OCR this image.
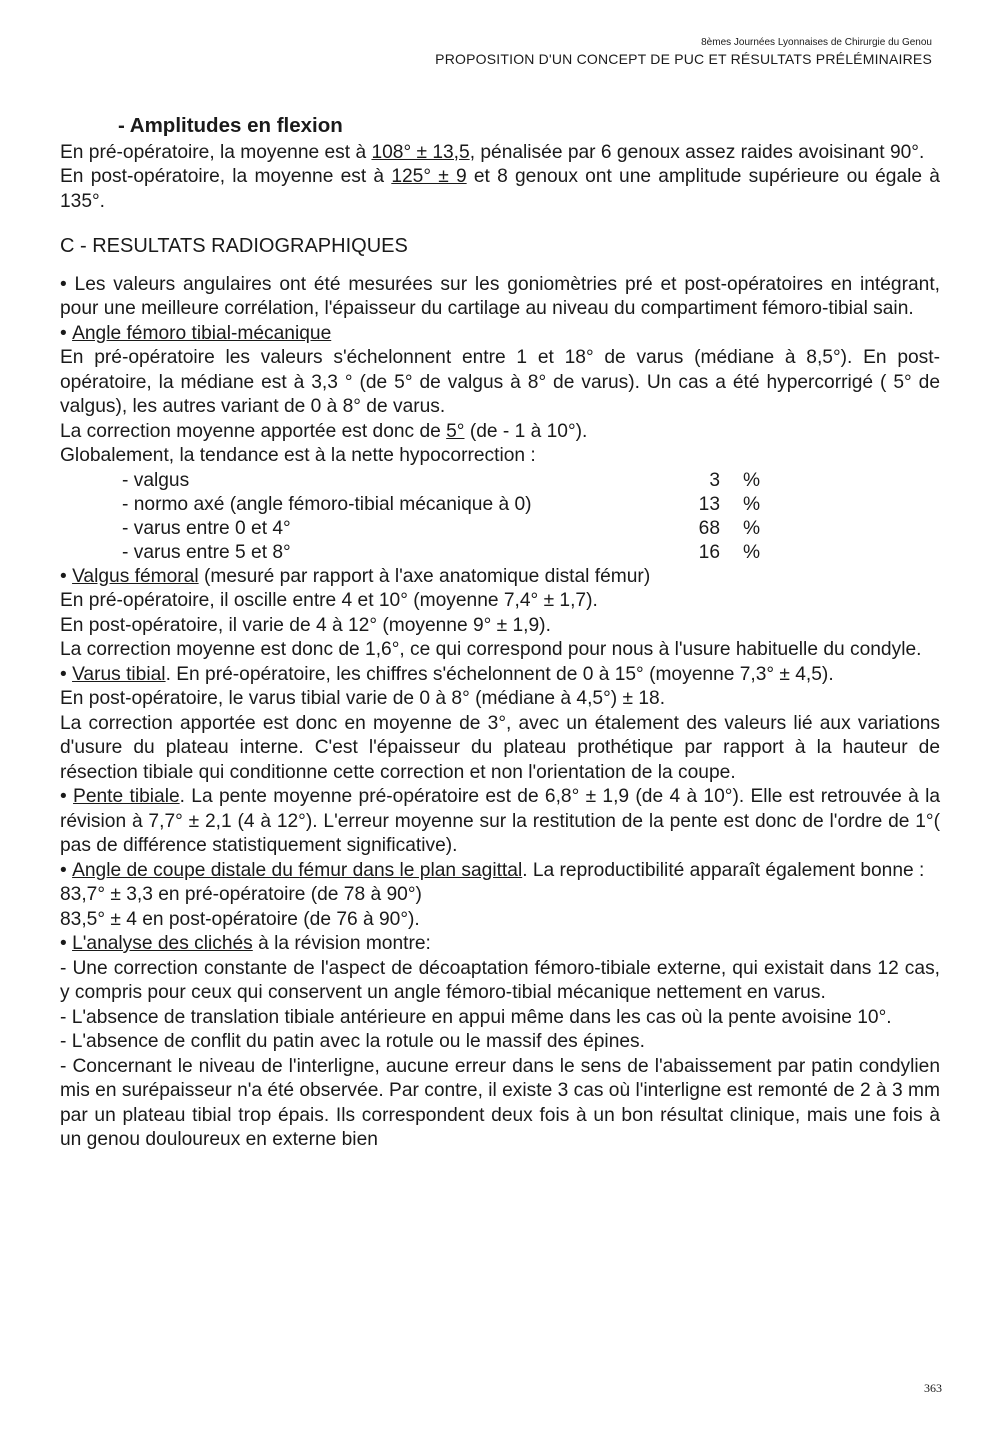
8èmes Journées Lyonnaises de Chirurgie du Genou
PROPOSITION D'UN CONCEPT DE PUC ET RÉSULTATS PRÉLÉMINAIRES
- Amplitudes en flexion

En pré-opératoire, la moyenne est à 108° ± 13,5, pénalisée par 6 genoux assez raides avoisinant 90°.

En post-opératoire, la moyenne est à 125° ± 9 et 8 genoux ont une amplitude supérieure ou égale à 135°.

C - RESULTATS RADIOGRAPHIQUES

• Les valeurs angulaires ont été mesurées sur les goniomètries pré et post-opératoires en intégrant, pour une meilleure corrélation, l'épaisseur du cartilage au niveau du compartiment fémoro-tibial sain.

• Angle fémoro tibial-mécanique

En pré-opératoire les valeurs s'échelonnent entre 1 et 18° de varus (médiane à 8,5°). En post-opératoire, la médiane est à 3,3 ° (de 5° de valgus à 8° de varus). Un cas a été hypercorrigé ( 5° de valgus), les autres variant de 0 à 8° de varus.

La correction moyenne apportée est donc de 5° (de - 1 à 10°).

Globalement, la tendance est à la nette hypocorrection :

- valgus	3	%
- normo axé (angle fémoro-tibial mécanique à 0)	13	%
- varus entre 0 et 4°	68	%
- varus entre 5 et 8°	16	%

• Valgus fémoral (mesuré par rapport à l'axe anatomique distal fémur)

En pré-opératoire, il oscille entre 4 et 10° (moyenne 7,4° ± 1,7).

En post-opératoire, il varie de 4 à 12° (moyenne 9° ± 1,9).

La correction moyenne est donc de 1,6°, ce qui correspond pour nous à l'usure habituelle du condyle.

• Varus tibial. En pré-opératoire, les chiffres s'échelonnent de 0 à 15° (moyenne 7,3° ± 4,5).

En post-opératoire, le varus tibial varie de 0 à 8° (médiane à 4,5°) ± 18.

La correction apportée est donc en moyenne de 3°, avec un étalement des valeurs lié aux variations d'usure du plateau interne. C'est l'épaisseur du plateau prothétique par rapport à la hauteur de résection tibiale qui conditionne cette correction et non l'orientation de la coupe.

• Pente tibiale. La pente moyenne pré-opératoire est de 6,8° ± 1,9 (de 4 à 10°). Elle est retrouvée à la révision à 7,7° ± 2,1 (4 à 12°). L'erreur moyenne sur la restitution de la pente est donc de l'ordre de 1°( pas de différence statistiquement significative).

• Angle de coupe distale du fémur dans le plan sagittal. La reproductibilité apparaît également bonne :

83,7° ± 3,3 en pré-opératoire (de 78 à 90°)

83,5° ± 4 en post-opératoire (de 76 à 90°).

• L'analyse des clichés à la révision montre:

- Une correction constante de l'aspect de décoaptation fémoro-tibiale externe, qui existait dans 12 cas, y compris pour ceux qui conservent un angle fémoro-tibial mécanique nettement en varus.

- L'absence de translation tibiale antérieure en appui même dans les cas où la pente avoisine 10°.

- L'absence de conflit du patin avec la rotule ou le massif des épines.

- Concernant le niveau de l'interligne, aucune erreur dans le sens de l'abaissement par patin condylien mis en surépaisseur n'a été observée. Par contre, il existe 3 cas où l'interligne est remonté de 2 à 3 mm par un plateau tibial trop épais. Ils correspondent deux fois à un bon résultat clinique, mais une fois à un genou douloureux en externe bien

363
